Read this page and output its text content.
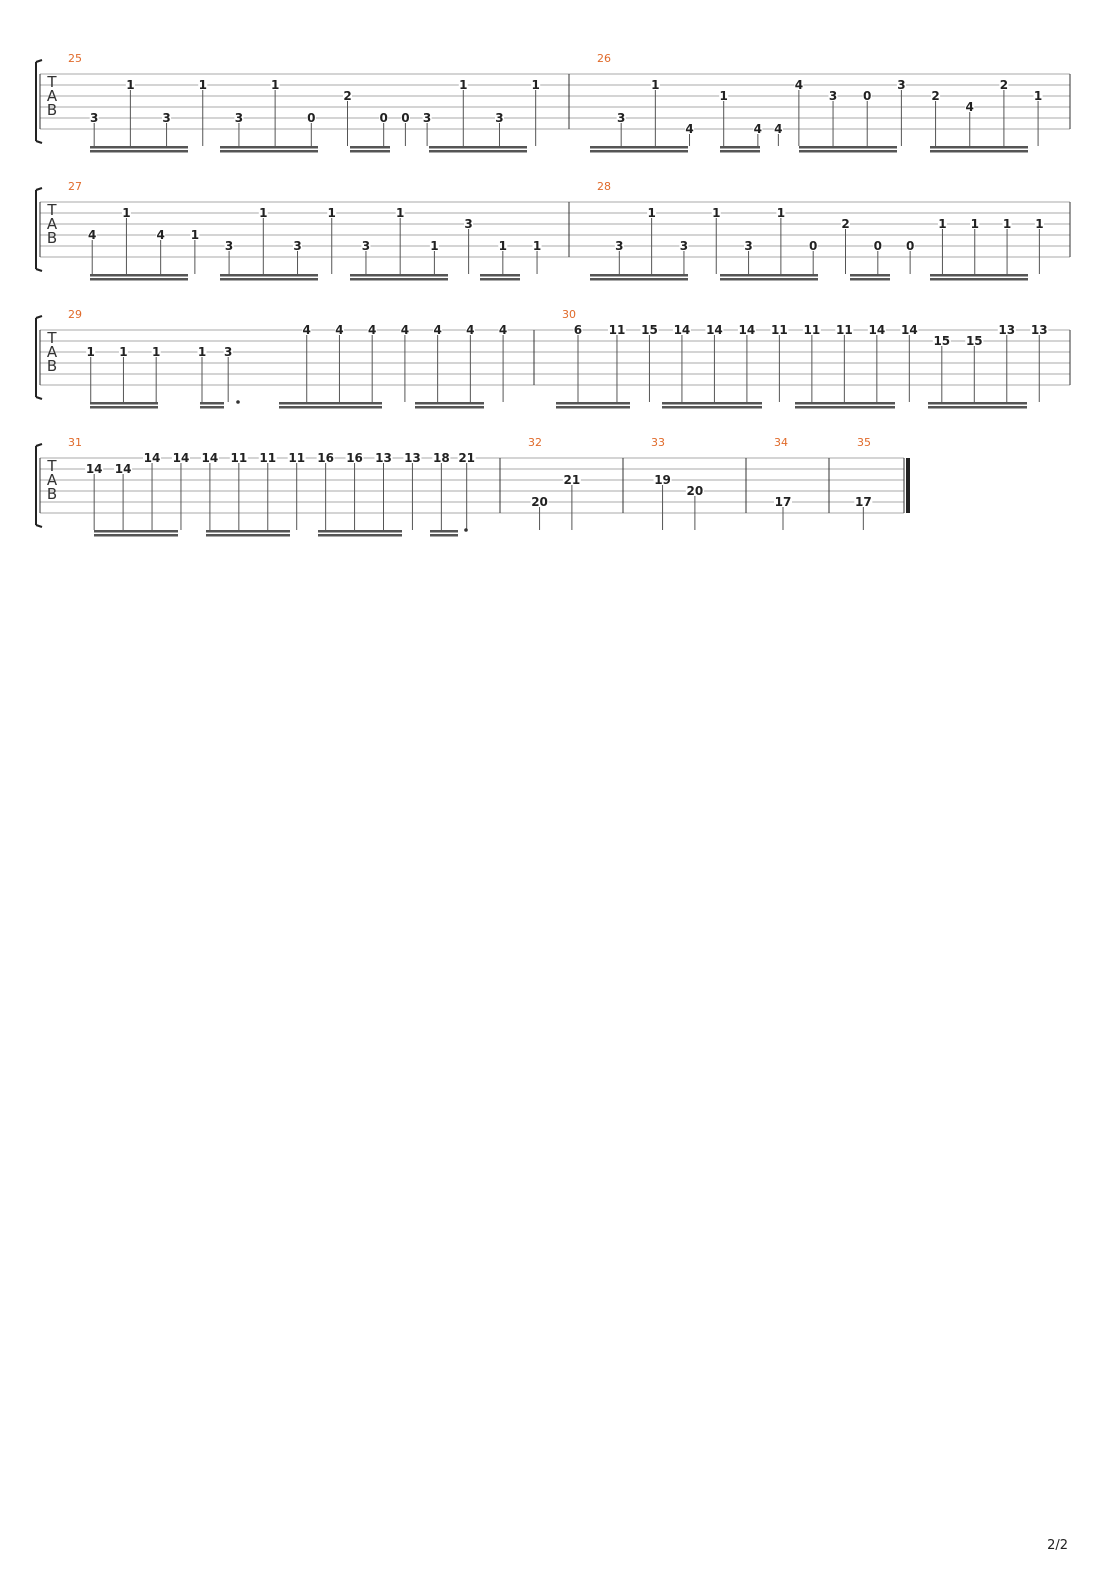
T
A
B
25
3
1
3
1
3
1
0
2
0 0 3
1
3
1
26
3
1
4
1
4 4
4
3 0
3
2
4
2
1
T
A
B
27
4
1
4 1
3
1
3
1
3
1
1
3
1 1
28
3
1
3
1
3
1
0
2
0 0
1 1 1 1
T
A
B
29
1 1 1	1 3
4 4 4 4 4 4 4
30
6 11 15 14 14 14 11 11 11 14 14
15 15
13 13
T
A
B
31
14 14
14 14 14 11 11 11 16 16 13 13 18 21
32
20
21
33
19
20
34
17
35
17
2/2
